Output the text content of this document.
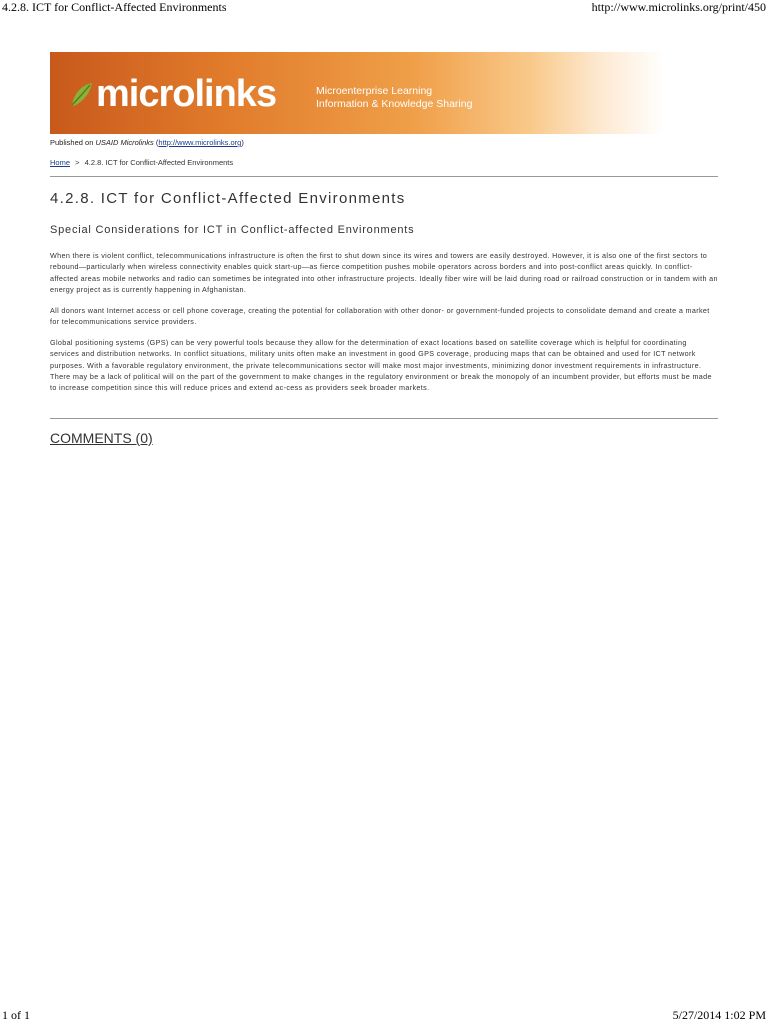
4.2.8. ICT for Conflict-Affected Environments	http://www.microlinks.org/print/450
microlinks	Microenterprise Learning
Information & Knowledge Sharing
Published on USAID Microlinks (http://www.microlinks.org)
Home > 4.2.8. ICT for Conflict-Affected Environments
4.2.8. ICT for Conflict-Affected Environments
Special Considerations for ICT in Conflict-affected Environments

When there is violent conflict, telecommunications infrastructure is often the first to shut down since its wires and towers are easily destroyed. However, it is also one of the first sectors to rebound—particularly when wireless connectivity enables quick start-up—as fierce competition pushes mobile operators across borders and into post-conflict areas quickly. In conflict-affected areas mobile networks and radio can sometimes be integrated into other infrastructure projects. Ideally fiber wire will be laid during road or railroad construction or in tandem with an energy project as is currently happening in Afghanistan.

All donors want Internet access or cell phone coverage, creating the potential for collaboration with other donor- or government-funded projects to consolidate demand and create a market for telecommunications service providers.

Global positioning systems (GPS) can be very powerful tools because they allow for the determination of exact locations based on satellite coverage which is helpful for coordinating services and distribution networks. In conflict situations, military units often make an investment in good GPS coverage, producing maps that can be obtained and used for ICT network purposes. With a favorable regulatory environment, the private telecommunications sector will make most major investments, minimizing donor investment requirements in infrastructure. There may be a lack of political will on the part of the government to make changes in the regulatory environment or break the monopoly of an incumbent provider, but efforts must be made to increase competition since this will reduce prices and extend ac-cess as providers seek broader markets.

COMMENTS (0)
1 of 1	5/27/2014 1:02 PM
